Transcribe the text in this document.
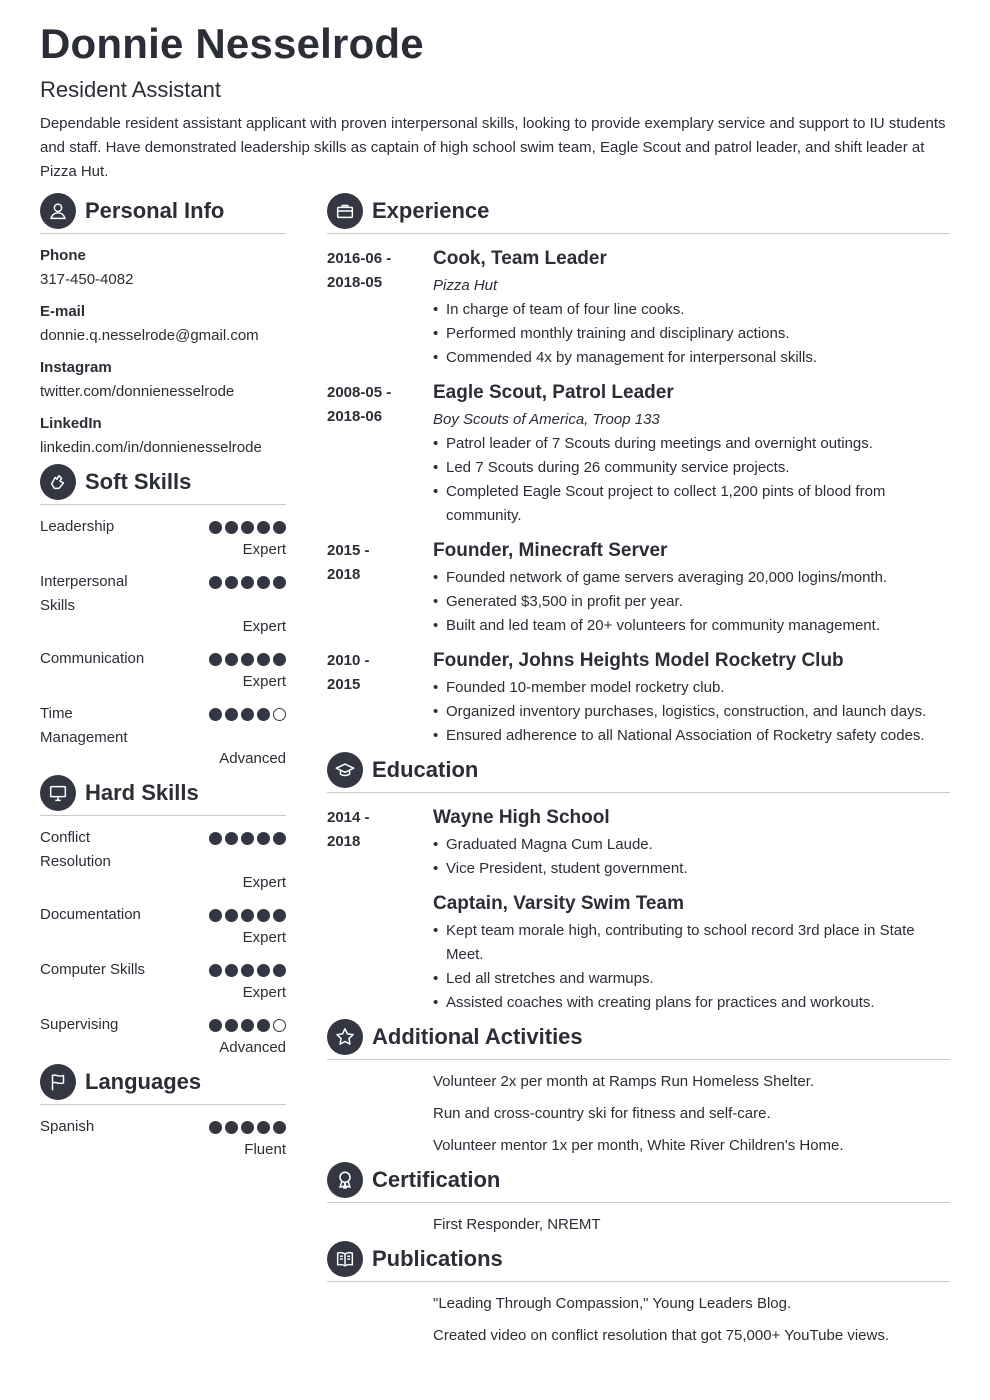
Donnie Nesselrode
Resident Assistant
Dependable resident assistant applicant with proven interpersonal skills, looking to provide exemplary service and support to IU students and staff. Have demonstrated leadership skills as captain of high school swim team, Eagle Scout and patrol leader, and shift leader at Pizza Hut.
Personal Info
Phone
317-450-4082
E-mail
donnie.q.nesselrode@gmail.com
Instagram
twitter.com/donnienesselrode
LinkedIn
linkedin.com/in/donnienesselrode
Soft Skills
Leadership
Expert
Interpersonal Skills
Expert
Communication
Expert
Time Management
Advanced
Hard Skills
Conflict Resolution
Expert
Documentation
Expert
Computer Skills
Expert
Supervising
Advanced
Languages
Spanish
Fluent
Experience
2016-06 -
2018-05
Cook, Team Leader
Pizza Hut
• In charge of team of four line cooks.
• Performed monthly training and disciplinary actions.
• Commended 4x by management for interpersonal skills.
2008-05 -
2018-06
Eagle Scout, Patrol Leader
Boy Scouts of America, Troop 133
• Patrol leader of 7 Scouts during meetings and overnight outings.
• Led 7 Scouts during 26 community service projects.
• Completed Eagle Scout project to collect 1,200 pints of blood from community.
2015 -
2018
Founder, Minecraft Server
• Founded network of game servers averaging 20,000 logins/month.
• Generated $3,500 in profit per year.
• Built and led team of 20+ volunteers for community management.
2010 -
2015
Founder, Johns Heights Model Rocketry Club
• Founded 10-member model rocketry club.
• Organized inventory purchases, logistics, construction, and launch days.
• Ensured adherence to all National Association of Rocketry safety codes.
Education
2014 -
2018
Wayne High School
• Graduated Magna Cum Laude.
• Vice President, student government.
Captain, Varsity Swim Team
• Kept team morale high, contributing to school record 3rd place in State Meet.
• Led all stretches and warmups.
• Assisted coaches with creating plans for practices and workouts.
Additional Activities
Volunteer 2x per month at Ramps Run Homeless Shelter.
Run and cross-country ski for fitness and self-care.
Volunteer mentor 1x per month, White River Children's Home.
Certification
First Responder, NREMT
Publications
"Leading Through Compassion," Young Leaders Blog.
Created video on conflict resolution that got 75,000+ YouTube views.
